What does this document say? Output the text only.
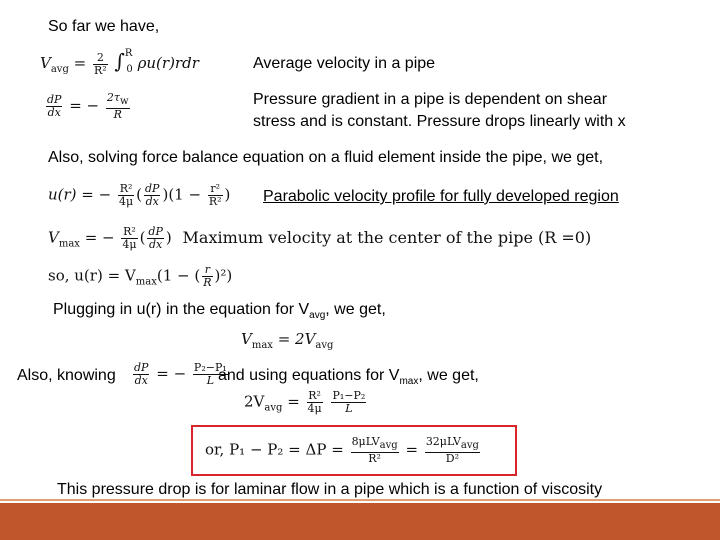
So far we have,
$V_{avg} = \frac{2}{\text{R²}} \int^R_0$ ρu(r)rdr	Average velocity in a pipe
$\frac{dP}{dx}$ = − $\frac{2\tau_w}{R}$	Pressure gradient in a pipe is dependent on shear
stress and is constant. Pressure drops linearly with x
Also, solving force balance equation on a fluid element inside the pipe, we get,
u(r) = − $\frac{\text{R²}}{4\mu}$ ( $\frac{dP}{dx} )(1 - \frac{\text{r²}}{\text{R²}}$ ) Parabolic velocity profile for fully developed region
$V_{max}$ = − $\frac{\text{R²}}{4\mu}$ ( $\frac{dP}{dx}$ ) Maximum velocity at the center of the pipe (R =0)
so, $u(r) = V_{max}(1$ − ( $\frac{r}{R} )^2$)
Plugging in u(r) in the equation for $V_{avg}$, we get,
$V_{max} = 2V_{avg}$
Also, knowing $\frac{dP}{dx}$ = − $\frac{\text{P₂−P₁}}{L}$
and using equations for $V_{max}$, we get,
$2V_{avg} = \frac{\text{R²}}{4\mu}$
$\frac{\text{P₁−P₂}}{L}$
or, $P_1 - P_2 = \Delta P = \frac{8\mu LV_{avg}}{\text{R²}} = \frac{32\mu LV_{avg}}{\text{D²}}$
This pressure drop is for laminar flow in a pipe which is a function of viscosity
